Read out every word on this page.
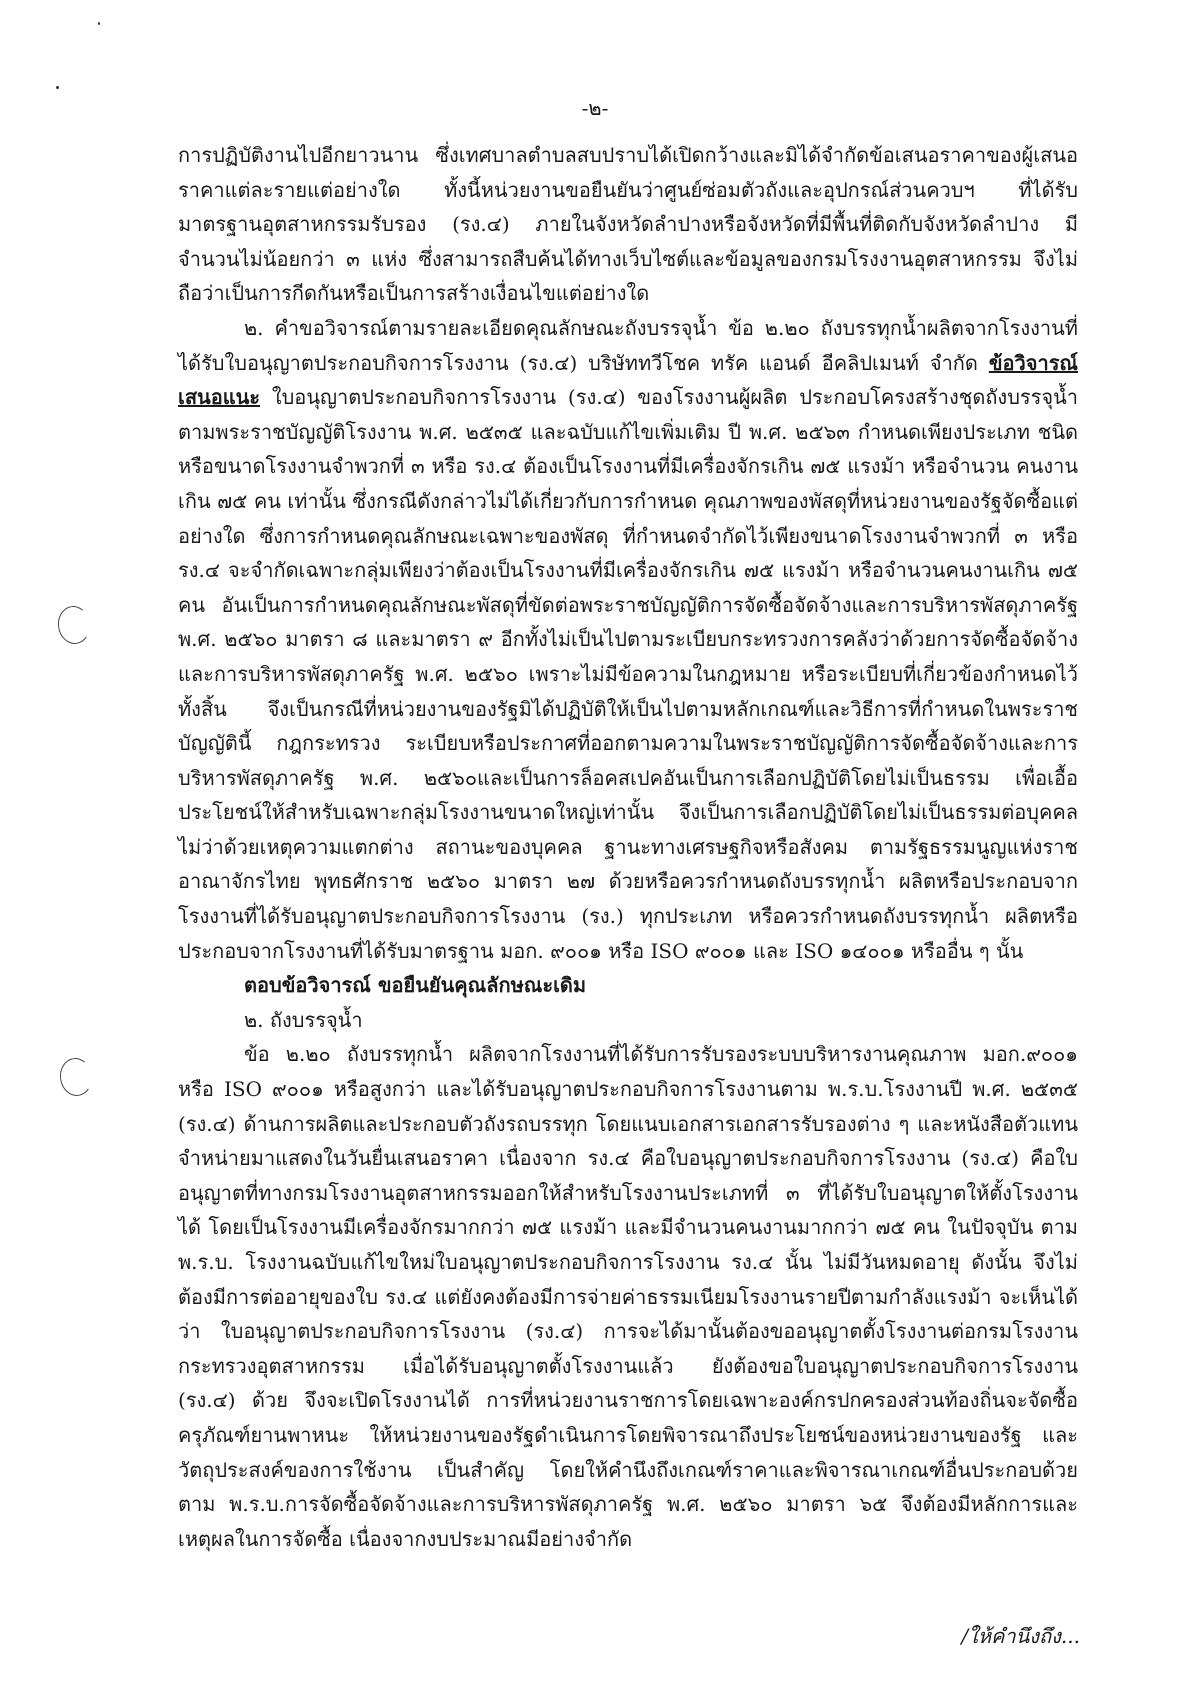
-๒-

การปฏิบัติงานไปอีกยาวนาน ซึ่งเทศบาลตำบลสบปราบได้เปิดกว้างและมิได้จำกัดข้อเสนอราคาของผู้เสนอราคาแต่ละรายแต่อย่างใด ทั้งนี้หน่วยงานขอยืนยันว่าศูนย์ซ่อมตัวถังและอุปกรณ์ส่วนควบฯ ที่ได้รับมาตรฐานอุตสาหกรรมรับรอง (รง.๔) ภายในจังหวัดลำปางหรือจังหวัดที่มีพื้นที่ติดกับจังหวัดลำปาง มีจำนวนไม่น้อยกว่า ๓ แห่ง ซึ่งสามารถสืบค้นได้ทางเว็บไซต์และข้อมูลของกรมโรงงานอุตสาหกรรม จึงไม่ถือว่าเป็นการกีดกันหรือเป็นการสร้างเงื่อนไขแต่อย่างใด

๒. คำขอวิจารณ์ตามรายละเอียดคุณลักษณะถังบรรจุน้ำ ข้อ ๒.๒๐ ถังบรรทุกน้ำผลิตจากโรงงานที่ได้รับใบอนุญาตประกอบกิจการโรงงาน (รง.๔) บริษัททวีโชค ทรัค แอนด์ อีคลิปเมนท์ จำกัด ข้อวิจารณ์เสนอแนะ ใบอนุญาตประกอบกิจการโรงงาน (รง.๔) ของโรงงานผู้ผลิต ประกอบโครงสร้างชุดถังบรรจุน้ำ ตามพระราชบัญญัติโรงงาน พ.ศ. ๒๕๓๕ และฉบับแก้ไขเพิ่มเติม ปี พ.ศ. ๒๕๖๓ กำหนดเพียงประเภท ชนิดหรือขนาดโรงงานจำพวกที่ ๓ หรือ รง.๔ ต้องเป็นโรงงานที่มีเครื่องจักรเกิน ๗๕ แรงม้า หรือจำนวน คนงานเกิน ๗๕ คน เท่านั้น ซึ่งกรณีดังกล่าวไม่ได้เกี่ยวกับการกำหนด คุณภาพของพัสดุที่หน่วยงานของรัฐจัดซื้อแต่อย่างใด ซึ่งการกำหนดคุณลักษณะเฉพาะของพัสดุ ที่กำหนดจำกัดไว้เพียงขนาดโรงงานจำพวกที่ ๓ หรือ รง.๔ จะจำกัดเฉพาะกลุ่มเพียงว่าต้องเป็นโรงงานที่มีเครื่องจักรเกิน ๗๕ แรงม้า หรือจำนวนคนงานเกิน ๗๕ คน อันเป็นการกำหนดคุณลักษณะพัสดุที่ขัดต่อพระราชบัญญัติการจัดซื้อจัดจ้างและการบริหารพัสดุภาครัฐ พ.ศ. ๒๕๖๐ มาตรา ๘ และมาตรา ๙ อีกทั้งไม่เป็นไปตามระเบียบกระทรวงการคลังว่าด้วยการจัดซื้อจัดจ้างและการบริหารพัสดุภาครัฐ พ.ศ. ๒๕๖๐ เพราะไม่มีข้อความในกฎหมาย หรือระเบียบที่เกี่ยวข้องกำหนดไว้ทั้งสิ้น จึงเป็นกรณีที่หน่วยงานของรัฐมิได้ปฏิบัติให้เป็นไปตามหลักเกณฑ์และวิธีการที่กำหนดในพระราชบัญญัตินี้ กฎกระทรวง ระเบียบหรือประกาศที่ออกตามความในพระราชบัญญัติการจัดซื้อจัดจ้างและการบริหารพัสดุภาครัฐ พ.ศ. ๒๕๖๐และเป็นการล็อคสเปคอันเป็นการเลือกปฏิบัติโดยไม่เป็นธรรม เพื่อเอื้อประโยชน์ให้สำหรับเฉพาะกลุ่มโรงงานขนาดใหญ่เท่านั้น จึงเป็นการเลือกปฏิบัติโดยไม่เป็นธรรมต่อบุคคล ไม่ว่าด้วยเหตุความแตกต่าง สถานะของบุคคล ฐานะทางเศรษฐกิจหรือสังคม ตามรัฐธรรมนูญแห่งราชอาณาจักรไทย พุทธศักราช ๒๕๖๐ มาตรา ๒๗ ด้วยหรือควรกำหนดถังบรรทุกน้ำ ผลิตหรือประกอบจากโรงงานที่ได้รับอนุญาตประกอบกิจการโรงงาน (รง.) ทุกประเภท หรือควรกำหนดถังบรรทุกน้ำ ผลิตหรือประกอบจากโรงงานที่ได้รับมาตรฐาน มอก. ๙๐๐๑ หรือ ISO ๙๐๐๑ และ ISO ๑๔๐๐๑ หรืออื่น ๆ นั้น

ตอบข้อวิจารณ์ ขอยืนยันคุณลักษณะเดิม

๒. ถังบรรจุน้ำ

ข้อ ๒.๒๐ ถังบรรทุกน้ำ ผลิตจากโรงงานที่ได้รับการรับรองระบบบริหารงานคุณภาพ มอก.๙๐๐๑ หรือ ISO ๙๐๐๑ หรือสูงกว่า และได้รับอนุญาตประกอบกิจการโรงงานตาม พ.ร.บ.โรงงานปี พ.ศ. ๒๕๓๕ (รง.๔) ด้านการผลิตและประกอบตัวถังรถบรรทุก โดยแนบเอกสารเอกสารรับรองต่าง ๆ และหนังสือตัวแทนจำหน่ายมาแสดงในวันยื่นเสนอราคา เนื่องจาก รง.๔ คือใบอนุญาตประกอบกิจการโรงงาน (รง.๔) คือใบอนุญาตที่ทางกรมโรงงานอุตสาหกรรมออกให้สำหรับโรงงานประเภทที่ ๓ ที่ได้รับใบอนุญาตให้ตั้งโรงงานได้ โดยเป็นโรงงานมีเครื่องจักรมากกว่า ๗๕ แรงม้า และมีจำนวนคนงานมากกว่า ๗๕ คน ในปัจจุบัน ตาม พ.ร.บ. โรงงานฉบับแก้ไขใหม่ใบอนุญาตประกอบกิจการโรงงาน รง.๔ นั้น ไม่มีวันหมดอายุ ดังนั้น จึงไม่ต้องมีการต่ออายุของใบ รง.๔ แต่ยังคงต้องมีการจ่ายค่าธรรมเนียมโรงงานรายปีตามกำลังแรงม้า จะเห็นได้ว่า ใบอนุญาตประกอบกิจการโรงงาน (รง.๔) การจะได้มานั้นต้องขออนุญาตตั้งโรงงานต่อกรมโรงงาน กระทรวงอุตสาหกรรม เมื่อได้รับอนุญาตตั้งโรงงานแล้ว ยังต้องขอใบอนุญาตประกอบกิจการโรงงาน (รง.๔) ด้วย จึงจะเปิดโรงงานได้ การที่หน่วยงานราชการโดยเฉพาะองค์กรปกครองส่วนท้องถิ่นจะจัดซื้อครุภัณฑ์ยานพาหนะ ให้หน่วยงานของรัฐดำเนินการโดยพิจารณาถึงประโยชน์ของหน่วยงานของรัฐ และวัตถุประสงค์ของการใช้งาน เป็นสำคัญ โดยให้คำนึงถึงเกณฑ์ราคาและพิจารณาเกณฑ์อื่นประกอบด้วย ตาม พ.ร.บ.การจัดซื้อจัดจ้างและการบริหารพัสดุภาครัฐ พ.ศ. ๒๕๖๐ มาตรา ๖๕ จึงต้องมีหลักการและเหตุผลในการจัดซื้อ เนื่องจากงบประมาณมีอย่างจำกัด

/ให้คำนึงถึง...
